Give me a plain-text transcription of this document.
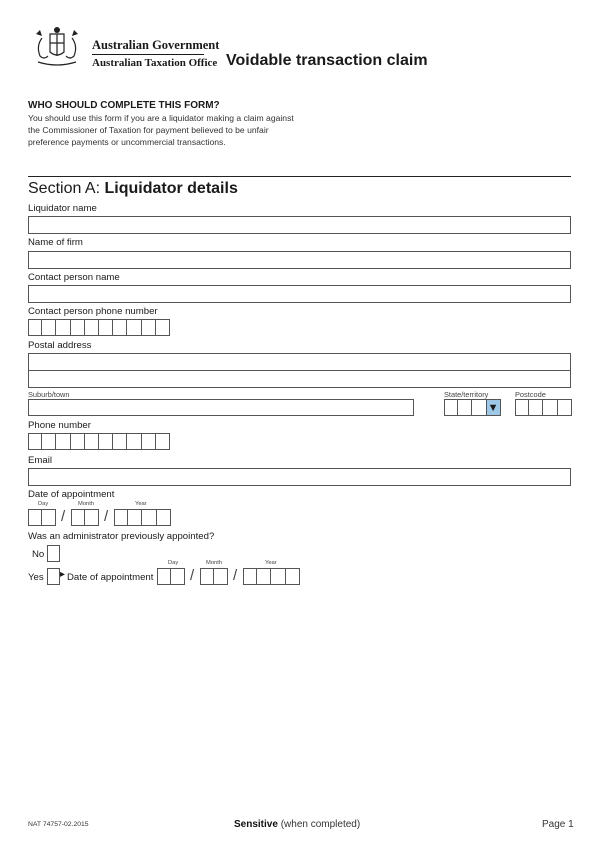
Australian Government
Australian Taxation Office Voidable transaction claim
WHO SHOULD COMPLETE THIS FORM?
You should use this form if you are a liquidator making a claim against the Commissioner of Taxation for payment believed to be unfair preference payments or uncommercial transactions.
Section A: Liquidator details
Liquidator name
Name of firm
Contact person name
Contact person phone number
Postal address
Suburb/town	State/territory	Postcode
▼
Phone number
Email
Date of appointment
Day	Month	Year
/	/
Was an administrator previously appointed?
No
Day	Month	Year
Yes ▸ Date of appointment /	/
NAT 74757-02.2015	Sensitive (when completed)	Page 1
